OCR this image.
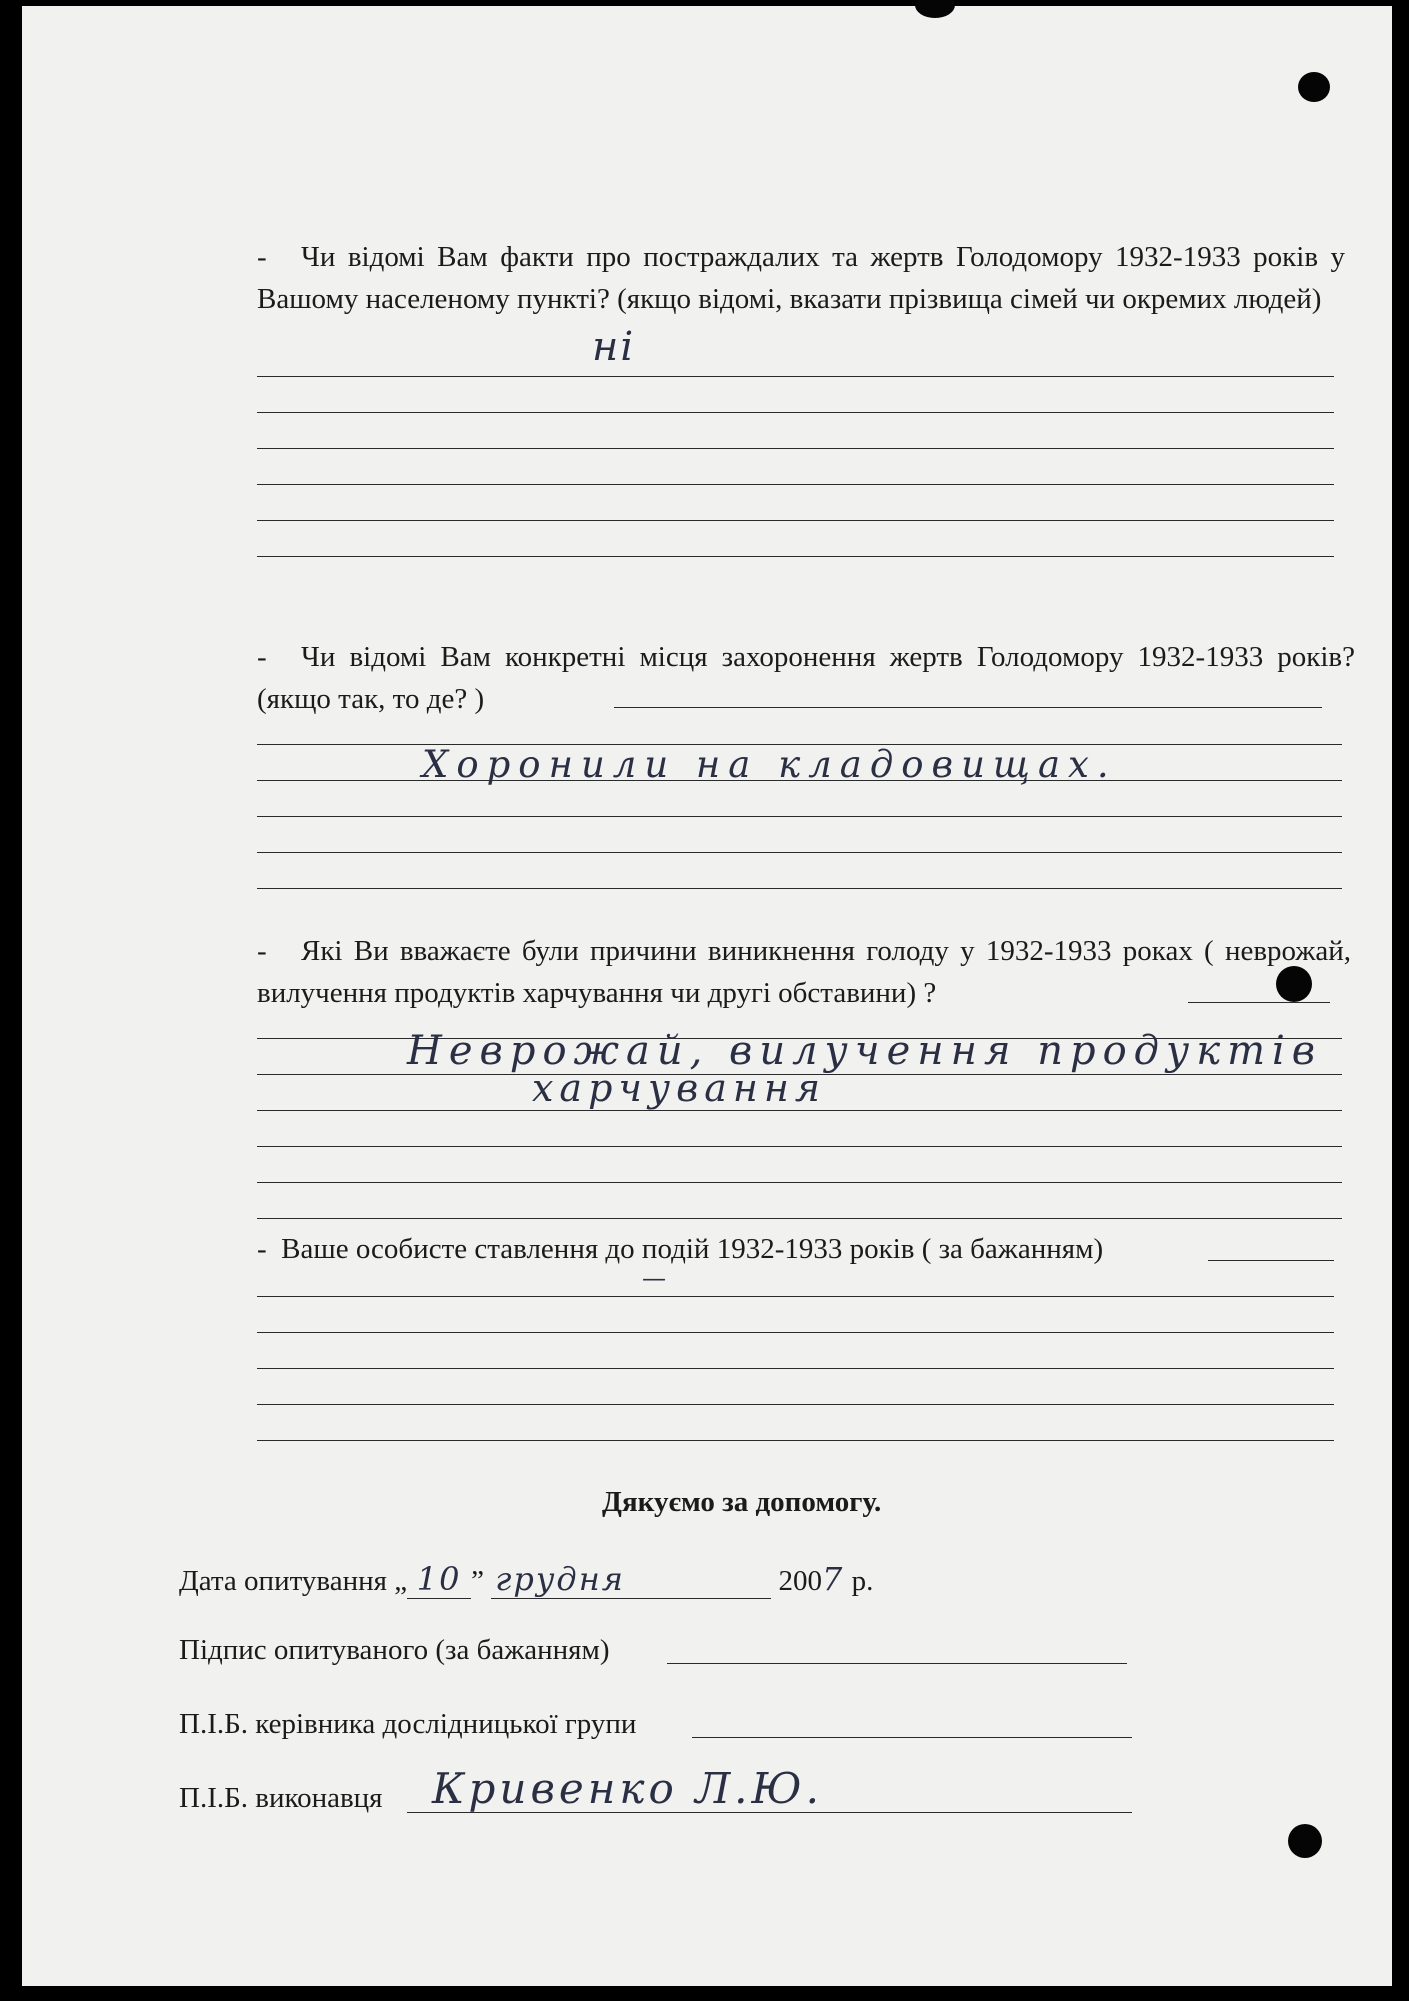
- Чи відомі Вам факти про постраждалих та жертв Голодомору 1932-1933 років у Вашому населеному пункті? (якщо відомі, вказати прізвища сімей чи окремих людей)
ні
- Чи відомі Вам конкретні місця захоронення жертв Голодомору 1932-1933 років? (якщо так, то де? )
Хоронили на кладовищах.
- Які Ви вважаєте були причини виникнення голоду у 1932-1933 роках ( неврожай, вилучення продуктів харчування чи другі обставини) ?
Неврожай, вилучення продуктів
харчування
- Ваше особисте ставлення до подій 1932-1933 років ( за бажанням)
—
Дякуємо за допомогу.
Дата опитування „ 10 ” грудня	2007 р.
Підпис опитуваного (за бажанням)
П.І.Б. керівника дослідницької групи
П.І.Б. виконавця Кривенко Л.Ю.
